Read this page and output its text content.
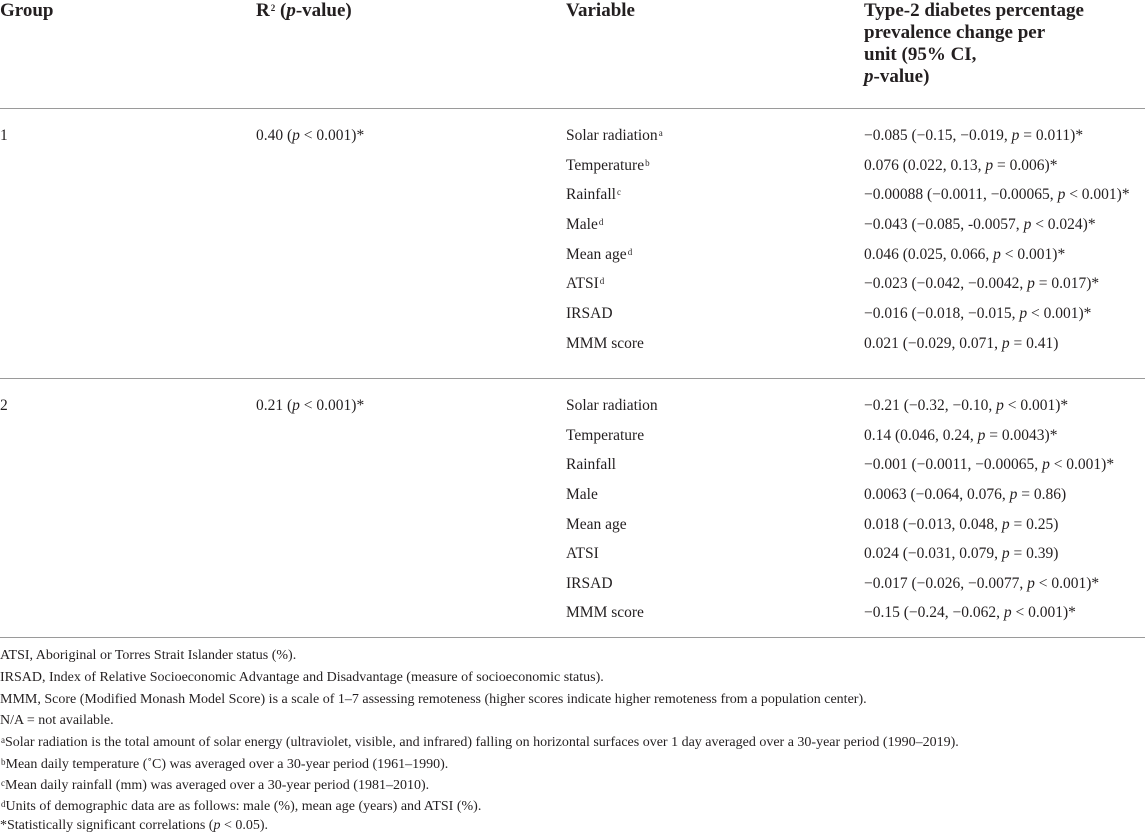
Group	$R^2$ (p-value)	Variable	Type-2 diabetes percentage
prevalence change per
unit (95% CI,
p-value)
1	0.40 (p < 0.001)*	Solar radiation$^a$	−0.085 (−0.15, −0.019, p = 0.011)*
Temperature$^b$	0.076 (0.022, 0.13, p = 0.006)*
Rainfall$^c$	−0.00088 (−0.0011, −0.00065, p < 0.001)*
Male$^d$	−0.043 (−0.085, -0.0057, p < 0.024)*
Mean age$^d$	0.046 (0.025, 0.066, p < 0.001)*
$ATSI^d$	−0.023 (−0.042, −0.0042, p = 0.017)*
IRSAD	−0.016 (−0.018, −0.015, p < 0.001)*
MMM score	0.021 (−0.029, 0.071, p = 0.41)
2	0.21 (p < 0.001)*	Solar radiation	−0.21 (−0.32, −0.10, p < 0.001)*
Temperature	0.14 (0.046, 0.24, p = 0.0043)*
Rainfall	−0.001 (−0.0011, −0.00065, p < 0.001)*
Male	0.0063 (−0.064, 0.076, p = 0.86)
Mean age	0.018 (−0.013, 0.048, p = 0.25)
ATSI	0.024 (−0.031, 0.079, p = 0.39)
IRSAD	−0.017 (−0.026, −0.0077, p < 0.001)*
MMM score	−0.15 (−0.24, −0.062, p < 0.001)*
ATSI, Aboriginal or Torres Strait Islander status (%).
IRSAD, Index of Relative Socioeconomic Advantage and Disadvantage (measure of socioeconomic status).
MMM, Score (Modified Monash Model Score) is a scale of 1–7 assessing remoteness (higher scores indicate higher remoteness from a population center).
N/A = not available.
$^a$Solar radiation is the total amount of solar energy (ultraviolet, visible, and infrared) falling on horizontal surfaces over 1 day averaged over a 30-year period (1990–2019).
$^b$Mean daily temperature (˚C) was averaged over a 30-year period (1961–1990).
$^c$Mean daily rainfall (mm) was averaged over a 30-year period (1981–2010).
$^d$Units of demographic data are as follows: male (%), mean age (years) and ATSI (%).
*Statistically significant correlations (p < 0.05).
